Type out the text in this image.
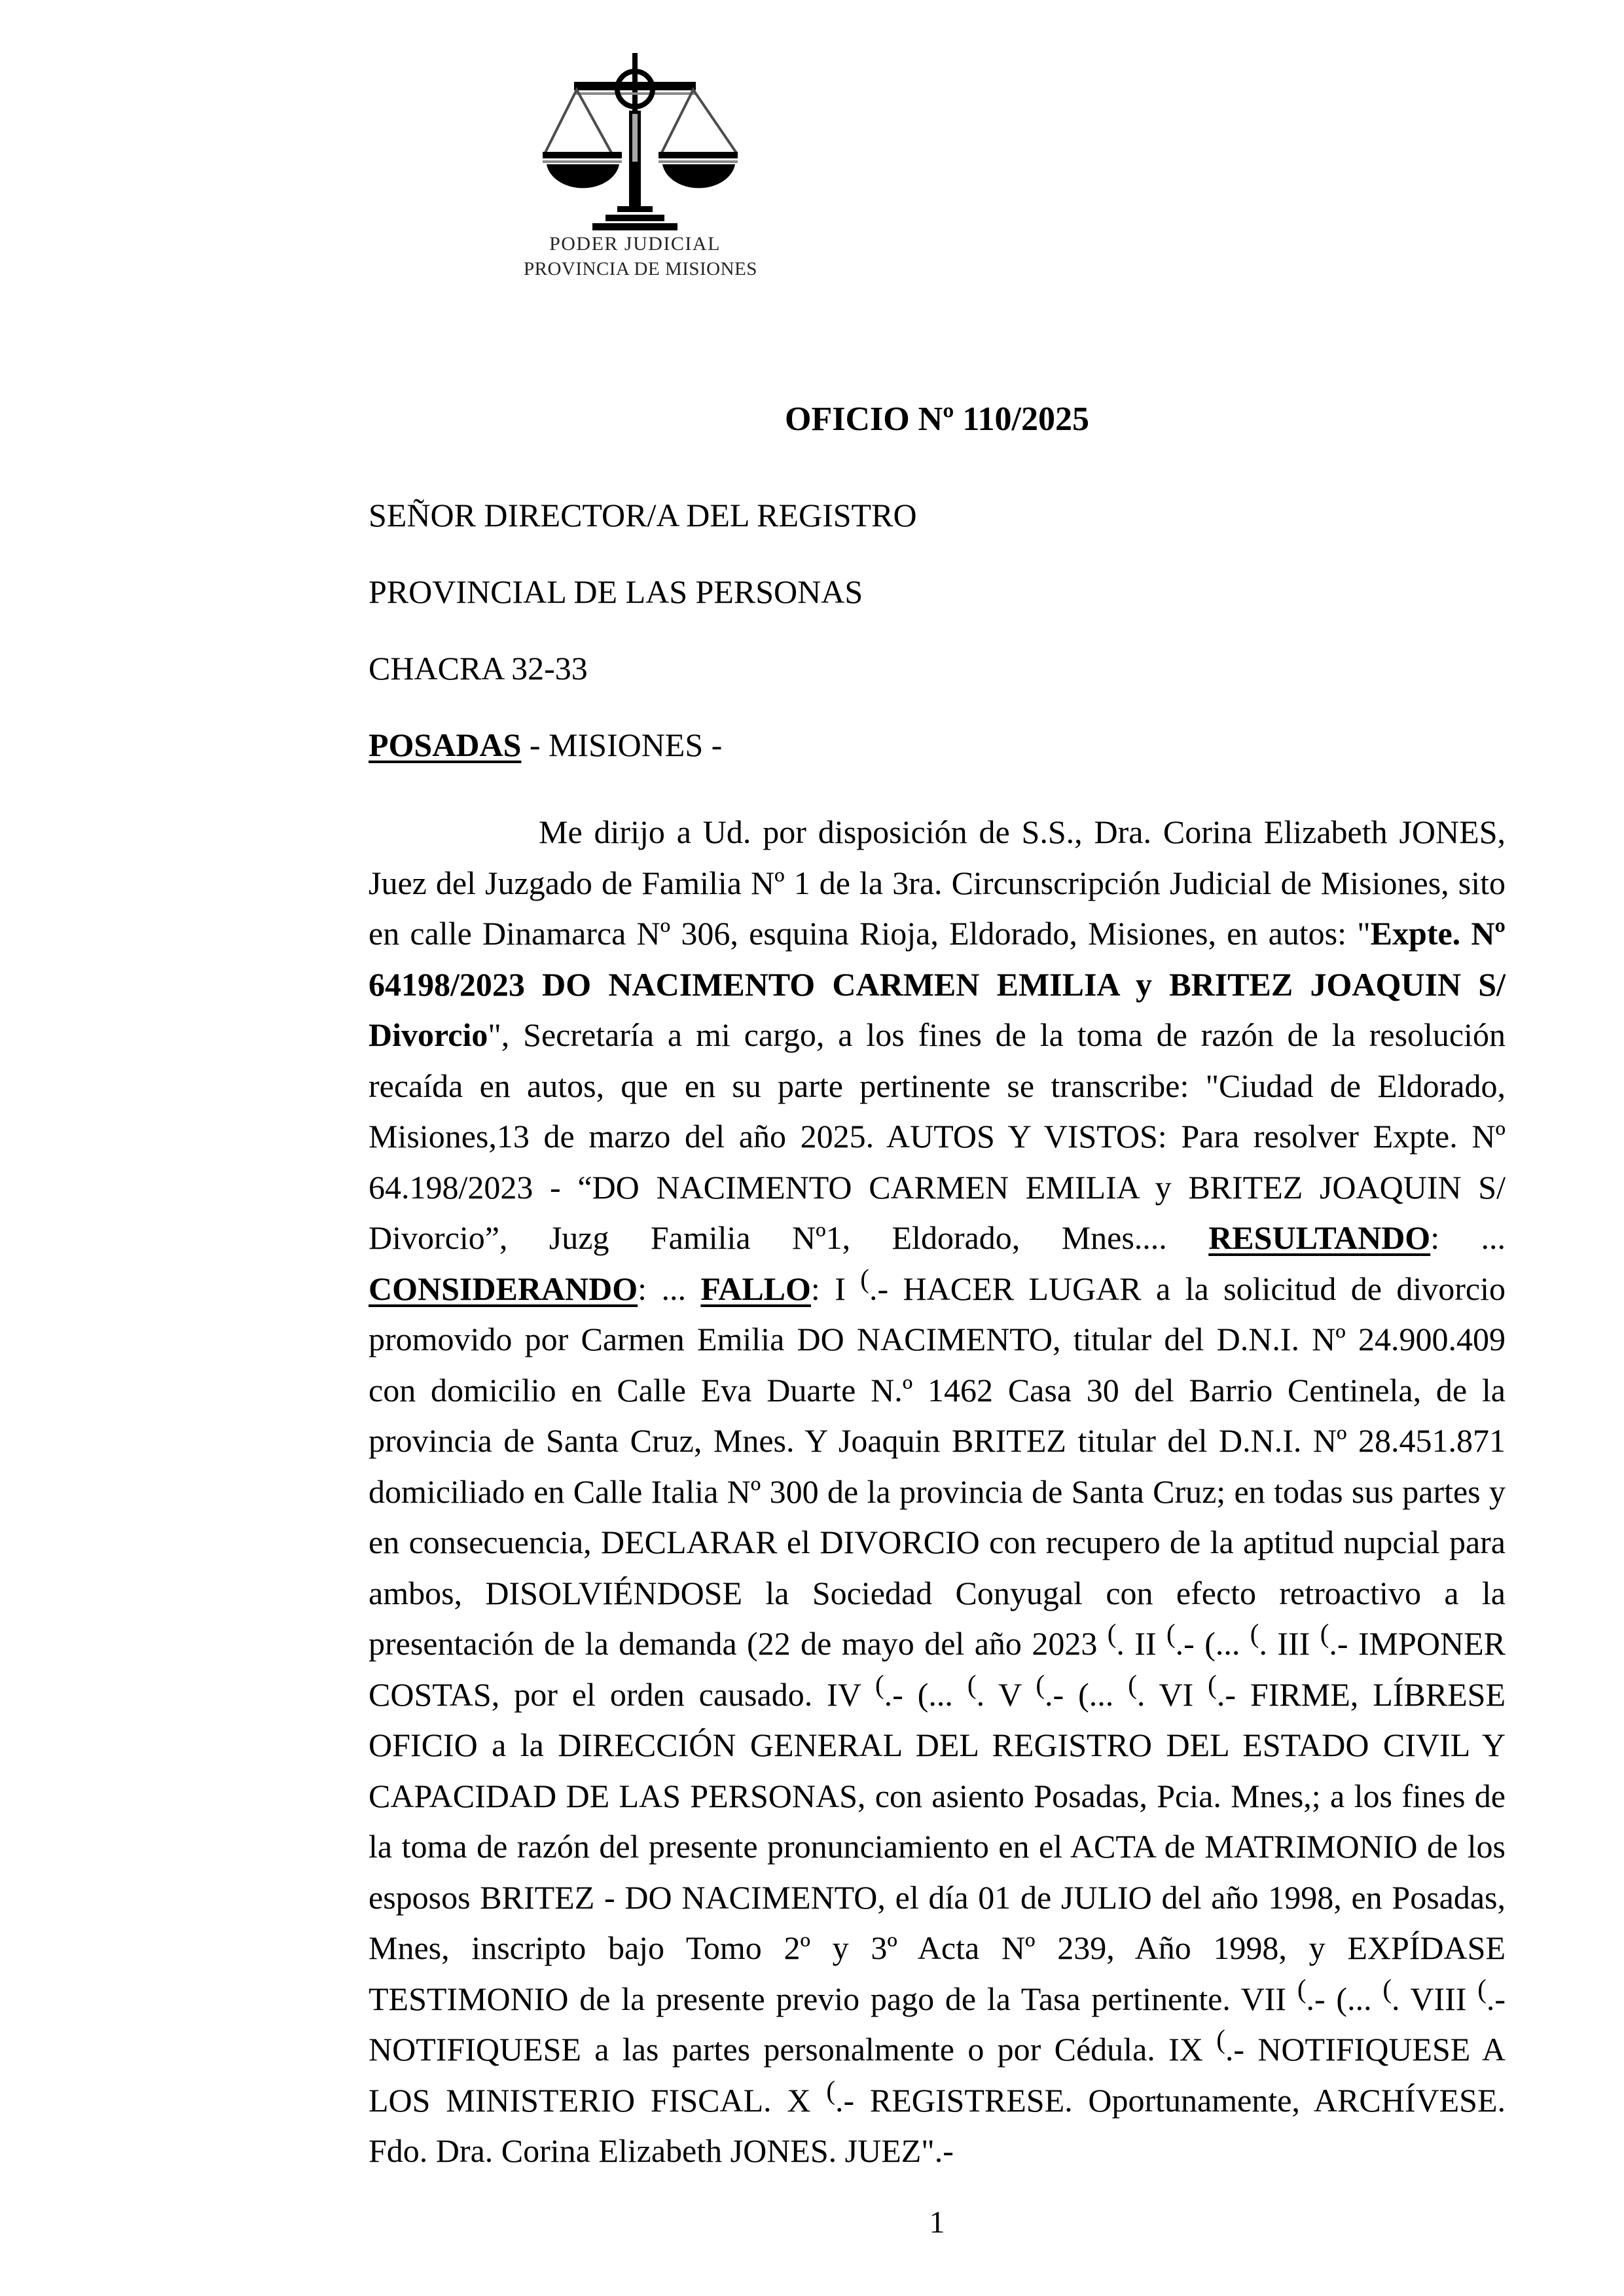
PODER JUDICIAL
PROVINCIA DE MISIONES
OFICIO Nº 110/2025

SEÑOR DIRECTOR/A DEL REGISTRO

PROVINCIAL DE LAS PERSONAS

CHACRA 32-33

POSADAS - MISIONES -

Me dirijo a Ud. por disposición de S.S., Dra. Corina Elizabeth JONES, Juez del Juzgado de Familia Nº 1 de la 3ra. Circunscripción Judicial de Misiones, sito en calle Dinamarca Nº 306, esquina Rioja, Eldorado, Misiones, en autos: "Expte. Nº 64198/2023 DO NACIMENTO CARMEN EMILIA y BRITEZ JOAQUIN S/ Divorcio", Secretaría a mi cargo, a los fines de la toma de razón de la resolución recaída en autos, que en su parte pertinente se transcribe: "Ciudad de Eldorado, Misiones,13 de marzo del año 2025. AUTOS Y VISTOS: Para resolver Expte. Nº 64.198/2023 - “DO NACIMENTO CARMEN EMILIA y BRITEZ JOAQUIN S/ Divorcio”, Juzg Familia Nº1, Eldorado, Mnes.... RESULTANDO: ... CONSIDERANDO: ... FALLO: I (.- HACER LUGAR a la solicitud de divorcio promovido por Carmen Emilia DO NACIMENTO, titular del D.N.I. Nº 24.900.409 con domicilio en Calle Eva Duarte N.º 1462 Casa 30 del Barrio Centinela, de la provincia de Santa Cruz, Mnes. Y Joaquin BRITEZ titular del D.N.I. Nº 28.451.871 domiciliado en Calle Italia Nº 300 de la provincia de Santa Cruz; en todas sus partes y en consecuencia, DECLARAR el DIVORCIO con recupero de la aptitud nupcial para ambos, DISOLVIÉNDOSE la Sociedad Conyugal con efecto retroactivo a la presentación de la demanda (22 de mayo del año 2023 (. II (.- (... (. III (.- IMPONER COSTAS, por el orden causado. IV (.- (... (. V (.- (... (. VI (.- FIRME, LÍBRESE OFICIO a la DIRECCIÓN GENERAL DEL REGISTRO DEL ESTADO CIVIL Y CAPACIDAD DE LAS PERSONAS, con asiento Posadas, Pcia. Mnes,; a los fines de la toma de razón del presente pronunciamiento en el ACTA de MATRIMONIO de los esposos BRITEZ - DO NACIMENTO, el día 01 de JULIO del año 1998, en Posadas, Mnes, inscripto bajo Tomo 2º y 3º Acta Nº 239, Año 1998, y EXPÍDASE TESTIMONIO de la presente previo pago de la Tasa pertinente. VII (.- (... (. VIII (.- NOTIFIQUESE a las partes personalmente o por Cédula. IX (.- NOTIFIQUESE A LOS MINISTERIO FISCAL. X (.- REGISTRESE. Oportunamente, ARCHÍVESE. Fdo. Dra. Corina Elizabeth JONES. JUEZ".-

1
